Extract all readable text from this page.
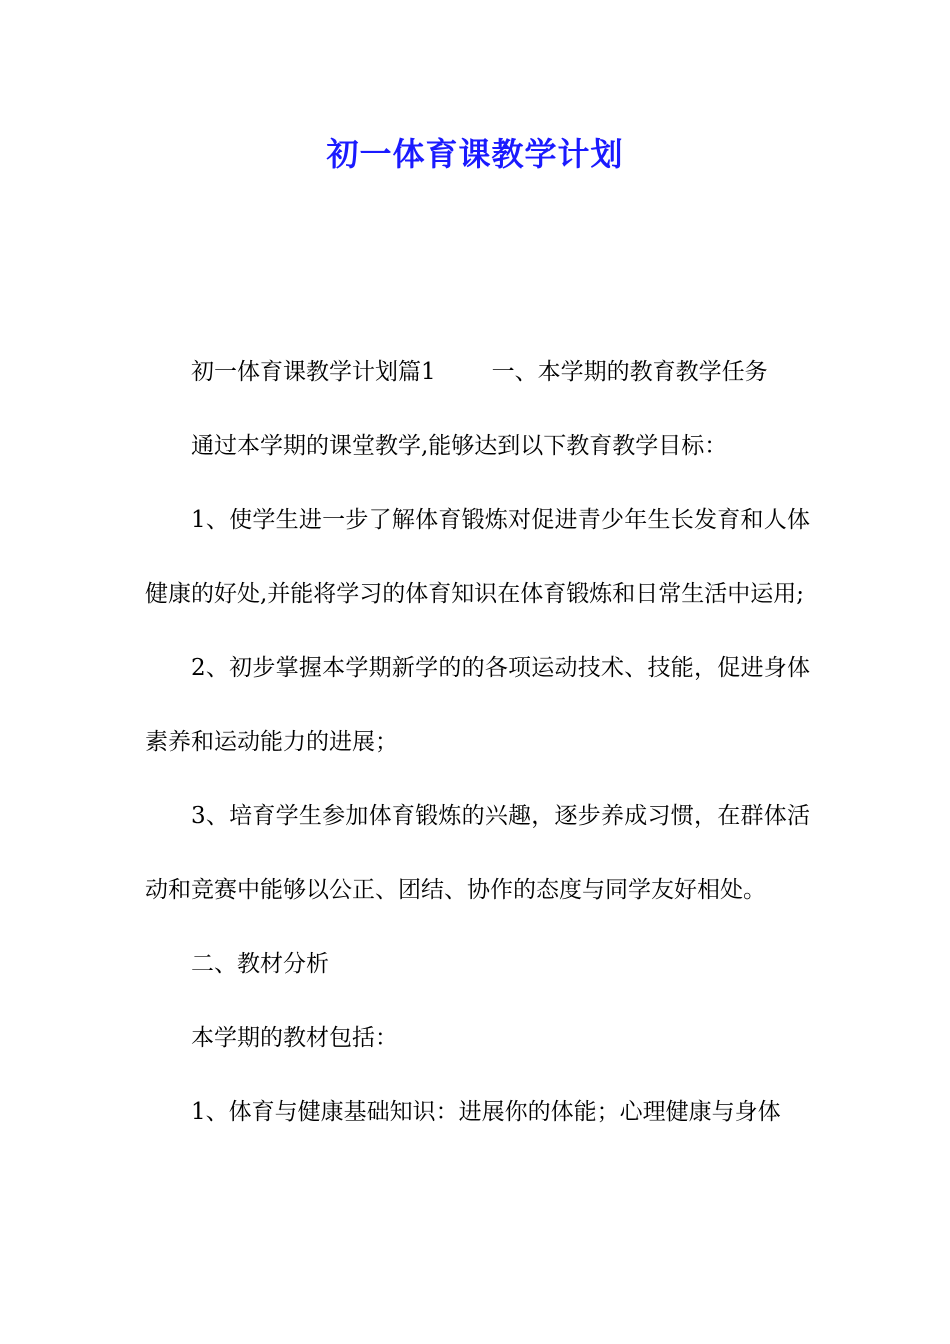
初一体育课教学计划

初一体育课教学计划篇1 一、本学期的教育教学任务

通过本学期的课堂教学,能够达到以下教育教学目标：

1、使学生进一步了解体育锻炼对促进青少年生长发育和人体健康的好处,并能将学习的体育知识在体育锻炼和日常生活中运用;

2、初步掌握本学期新学的的各项运动技术、技能，促进身体素养和运动能力的进展；

3、培育学生参加体育锻炼的兴趣，逐步养成习惯，在群体活动和竞赛中能够以公正、团结、协作的态度与同学友好相处。

二、教材分析

本学期的教材包括：

1、体育与健康基础知识：进展你的体能；心理健康与身体
